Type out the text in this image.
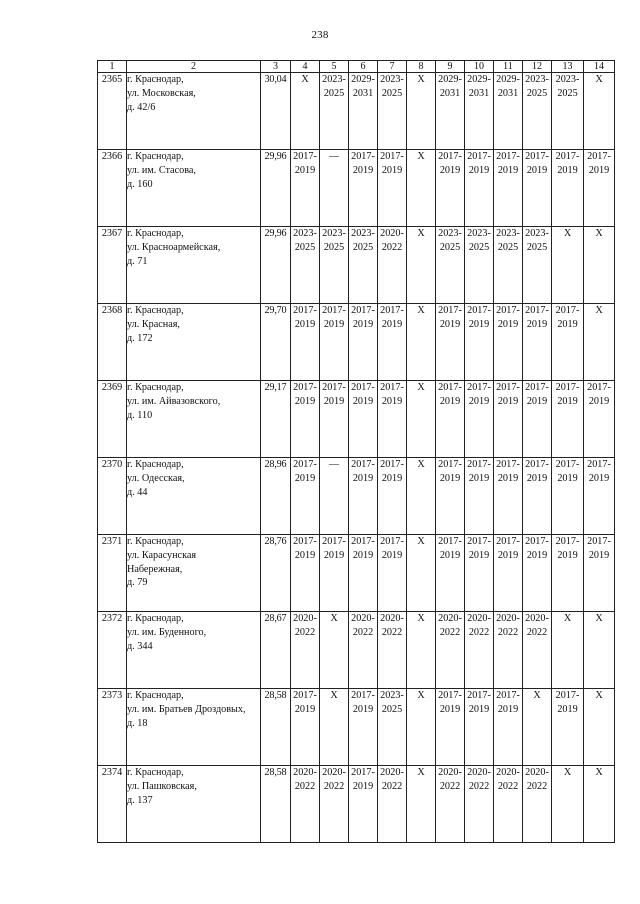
238
1	2	3	4	5	6	7	8	9	10	11	12	13	14
2365	г. Краснодар,
ул. Московская,
д. 42/6	30,04	Х	2023-
2025	2029-
2031	2023-
2025	Х	2029-
2031	2029-
2031	2029-
2031	2023-
2025	2023-
2025	Х

2366	г. Краснодар,
ул. им. Стасова,
д. 160	29,96	2017-
2019	—	2017-
2019	2017-
2019	Х	2017-
2019	2017-
2019	2017-
2019	2017-
2019	2017-
2019	2017-
2019

2367	г. Краснодар,
ул. Красноармейская,
д. 71	29,96	2023-
2025	2023-
2025	2023-
2025	2020-
2022	Х	2023-
2025	2023-
2025	2023-
2025	2023-
2025	Х	Х

2368	г. Краснодар,
ул. Красная,
д. 172	29,70	2017-
2019	2017-
2019	2017-
2019	2017-
2019	Х	2017-
2019	2017-
2019	2017-
2019	2017-
2019	2017-
2019	Х

2369	г. Краснодар,
ул. им. Айвазовского,
д. 110	29,17	2017-
2019	2017-
2019	2017-
2019	2017-
2019	Х	2017-
2019	2017-
2019	2017-
2019	2017-
2019	2017-
2019	2017-
2019

2370	г. Краснодар,
ул. Одесская,
д. 44	28,96	2017-
2019	—	2017-
2019	2017-
2019	Х	2017-
2019	2017-
2019	2017-
2019	2017-
2019	2017-
2019	2017-
2019

2371	г. Краснодар,
ул. Карасунская
Набережная,
д. 79	28,76	2017-
2019	2017-
2019	2017-
2019	2017-
2019	Х	2017-
2019	2017-
2019	2017-
2019	2017-
2019	2017-
2019	2017-
2019

2372	г. Краснодар,
ул. им. Буденного,
д. 344	28,67	2020-
2022	Х	2020-
2022	2020-
2022	Х	2020-
2022	2020-
2022	2020-
2022	2020-
2022	Х	Х

2373	г. Краснодар,
ул. им. Братьев Дроздовых,
д. 18	28,58	2017-
2019	Х	2017-
2019	2023-
2025	Х	2017-
2019	2017-
2019	2017-
2019	Х	2017-
2019	Х

2374	г. Краснодар,
ул. Пашковская,
д. 137	28,58	2020-
2022	2020-
2022	2017-
2019	2020-
2022	Х	2020-
2022	2020-
2022	2020-
2022	2020-
2022	Х	Х
